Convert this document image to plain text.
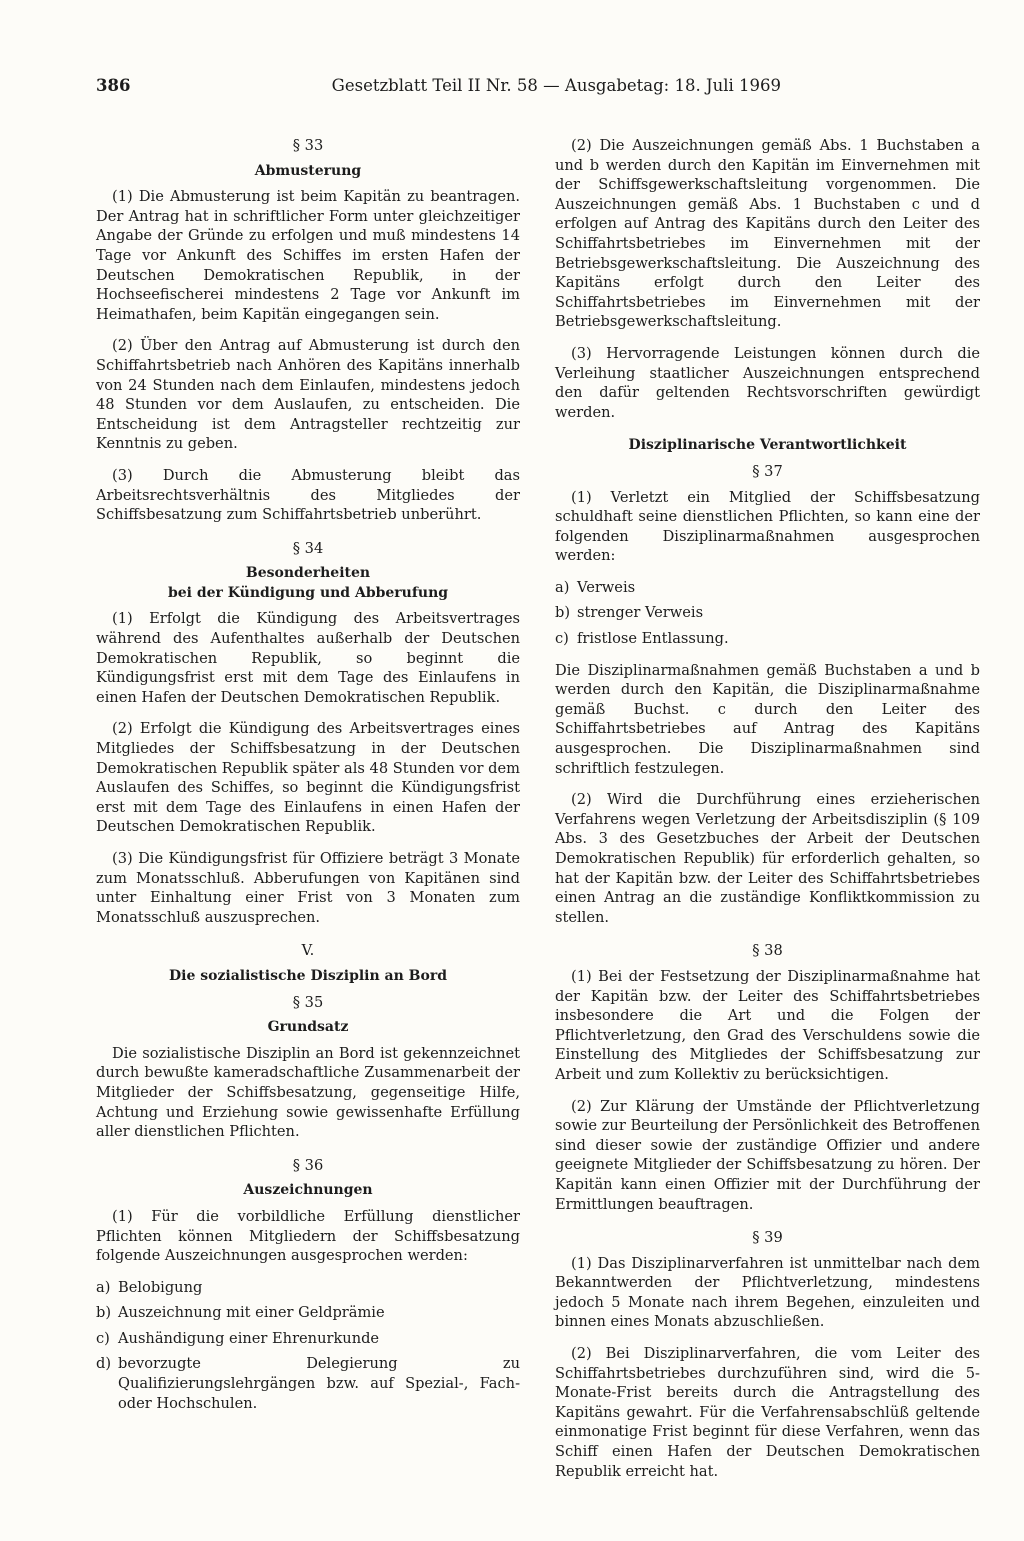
386	Gesetzblatt Teil II Nr. 58 — Ausgabetag: 18. Juli 1969
§ 33
Abmusterung

(1) Die Abmusterung ist beim Kapitän zu beantragen. Der Antrag hat in schriftlicher Form unter gleichzeitiger Angabe der Gründe zu erfolgen und muß mindestens 14 Tage vor Ankunft des Schiffes im ersten Hafen der Deutschen Demokratischen Republik, in der Hochseefischerei mindestens 2 Tage vor Ankunft im Heimathafen, beim Kapitän eingegangen sein.

(2) Über den Antrag auf Abmusterung ist durch den Schiffahrtsbetrieb nach Anhören des Kapitäns innerhalb von 24 Stunden nach dem Einlaufen, mindestens jedoch 48 Stunden vor dem Auslaufen, zu entscheiden. Die Entscheidung ist dem Antragsteller rechtzeitig zur Kenntnis zu geben.

(3) Durch die Abmusterung bleibt das Arbeitsrechtsverhältnis des Mitgliedes der Schiffsbesatzung zum Schiffahrtsbetrieb unberührt.

§ 34
Besonderheiten
bei der Kündigung und Abberufung

(1) Erfolgt die Kündigung des Arbeitsvertrages während des Aufenthaltes außerhalb der Deutschen Demokratischen Republik, so beginnt die Kündigungsfrist erst mit dem Tage des Einlaufens in einen Hafen der Deutschen Demokratischen Republik.

(2) Erfolgt die Kündigung des Arbeitsvertrages eines Mitgliedes der Schiffsbesatzung in der Deutschen Demokratischen Republik später als 48 Stunden vor dem Auslaufen des Schiffes, so beginnt die Kündigungsfrist erst mit dem Tage des Einlaufens in einen Hafen der Deutschen Demokratischen Republik.

(3) Die Kündigungsfrist für Offiziere beträgt 3 Monate zum Monatsschluß. Abberufungen von Kapitänen sind unter Einhaltung einer Frist von 3 Monaten zum Monatsschluß auszusprechen.

V.
Die sozialistische Disziplin an Bord
§ 35
Grundsatz

Die sozialistische Disziplin an Bord ist gekennzeichnet durch bewußte kameradschaftliche Zusammenarbeit der Mitglieder der Schiffsbesatzung, gegenseitige Hilfe, Achtung und Erziehung sowie gewissenhafte Erfüllung aller dienstlichen Pflichten.

§ 36
Auszeichnungen

(1) Für die vorbildliche Erfüllung dienstlicher Pflichten können Mitgliedern der Schiffsbesatzung folgende Auszeichnungen ausgesprochen werden:

a) Belobigung
b) Auszeichnung mit einer Geldprämie
c) Aushändigung einer Ehrenurkunde
d) bevorzugte Delegierung zu Qualifizierungslehrgängen bzw. auf Spezial-, Fach- oder Hochschulen.

(2) Die Auszeichnungen gemäß Abs. 1 Buchstaben a und b werden durch den Kapitän im Einvernehmen mit der Schiffsgewerkschaftsleitung vorgenommen. Die Auszeichnungen gemäß Abs. 1 Buchstaben c und d erfolgen auf Antrag des Kapitäns durch den Leiter des Schiffahrtsbetriebes im Einvernehmen mit der Betriebsgewerkschaftsleitung. Die Auszeichnung des Kapitäns erfolgt durch den Leiter des Schiffahrtsbetriebes im Einvernehmen mit der Betriebsgewerkschaftsleitung.

(3) Hervorragende Leistungen können durch die Verleihung staatlicher Auszeichnungen entsprechend den dafür geltenden Rechtsvorschriften gewürdigt werden.

Disziplinarische Verantwortlichkeit
§ 37

(1) Verletzt ein Mitglied der Schiffsbesatzung schuldhaft seine dienstlichen Pflichten, so kann eine der folgenden Disziplinarmaßnahmen ausgesprochen werden:

a) Verweis
b) strenger Verweis
c) fristlose Entlassung.

Die Disziplinarmaßnahmen gemäß Buchstaben a und b werden durch den Kapitän, die Disziplinarmaßnahme gemäß Buchst. c durch den Leiter des Schiffahrtsbetriebes auf Antrag des Kapitäns ausgesprochen. Die Disziplinarmaßnahmen sind schriftlich festzulegen.

(2) Wird die Durchführung eines erzieherischen Verfahrens wegen Verletzung der Arbeitsdisziplin (§ 109 Abs. 3 des Gesetzbuches der Arbeit der Deutschen Demokratischen Republik) für erforderlich gehalten, so hat der Kapitän bzw. der Leiter des Schiffahrtsbetriebes einen Antrag an die zuständige Konfliktkommission zu stellen.

§ 38

(1) Bei der Festsetzung der Disziplinarmaßnahme hat der Kapitän bzw. der Leiter des Schiffahrtsbetriebes insbesondere die Art und die Folgen der Pflichtverletzung, den Grad des Verschuldens sowie die Einstellung des Mitgliedes der Schiffsbesatzung zur Arbeit und zum Kollektiv zu berücksichtigen.

(2) Zur Klärung der Umstände der Pflichtverletzung sowie zur Beurteilung der Persönlichkeit des Betroffenen sind dieser sowie der zuständige Offizier und andere geeignete Mitglieder der Schiffsbesatzung zu hören. Der Kapitän kann einen Offizier mit der Durchführung der Ermittlungen beauftragen.

§ 39

(1) Das Disziplinarverfahren ist unmittelbar nach dem Bekanntwerden der Pflichtverletzung, mindestens jedoch 5 Monate nach ihrem Begehen, einzuleiten und binnen eines Monats abzuschließen.

(2) Bei Disziplinarverfahren, die vom Leiter des Schiffahrtsbetriebes durchzuführen sind, wird die 5-Monate-Frist bereits durch die Antragstellung des Kapitäns gewahrt. Für die Verfahrensabschlüß geltende einmonatige Frist beginnt für diese Verfahren, wenn das Schiff einen Hafen der Deutschen Demokratischen Republik erreicht hat.
